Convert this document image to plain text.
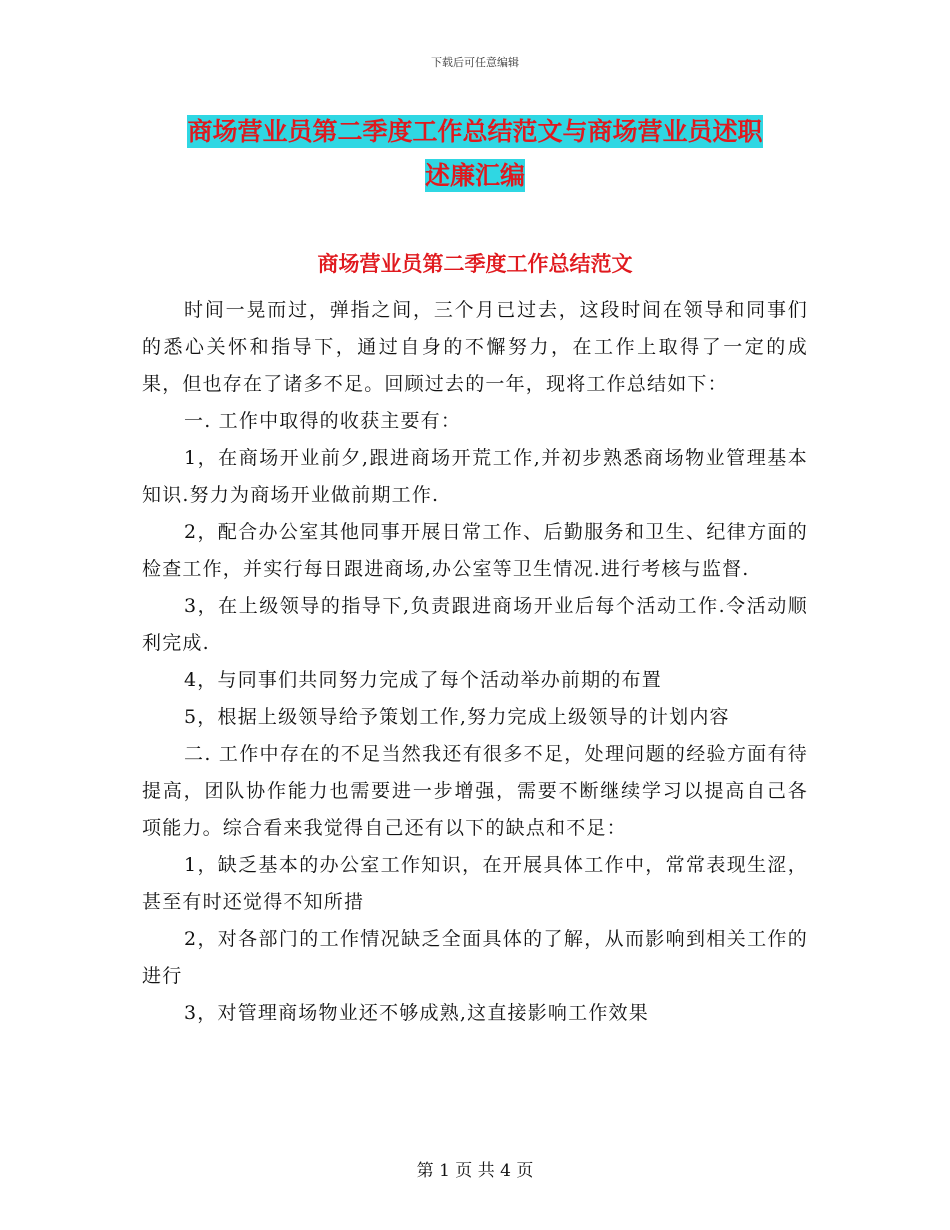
下载后可任意编辑
商场营业员第二季度工作总结范文与商场营业员述职
述廉汇编
商场营业员第二季度工作总结范文

时间一晃而过，弹指之间，三个月已过去，这段时间在领导和同事们的悉心关怀和指导下，通过自身的不懈努力，在工作上取得了一定的成果，但也存在了诸多不足。回顾过去的一年，现将工作总结如下：

一. 工作中取得的收获主要有：

1，在商场开业前夕,跟进商场开荒工作,并初步熟悉商场物业管理基本知识.努力为商场开业做前期工作.

2，配合办公室其他同事开展日常工作、后勤服务和卫生、纪律方面的检查工作，并实行每日跟进商场,办公室等卫生情况.进行考核与监督.

3，在上级领导的指导下,负责跟进商场开业后每个活动工作.令活动顺利完成.

4，与同事们共同努力完成了每个活动举办前期的布置

5，根据上级领导给予策划工作,努力完成上级领导的计划内容

二. 工作中存在的不足当然我还有很多不足，处理问题的经验方面有待提高，团队协作能力也需要进一步增强，需要不断继续学习以提高自己各项能力。综合看来我觉得自己还有以下的缺点和不足：

1，缺乏基本的办公室工作知识，在开展具体工作中，常常表现生涩，甚至有时还觉得不知所措

2，对各部门的工作情况缺乏全面具体的了解，从而影响到相关工作的进行

3，对管理商场物业还不够成熟,这直接影响工作效果

第 1 页 共 4 页
